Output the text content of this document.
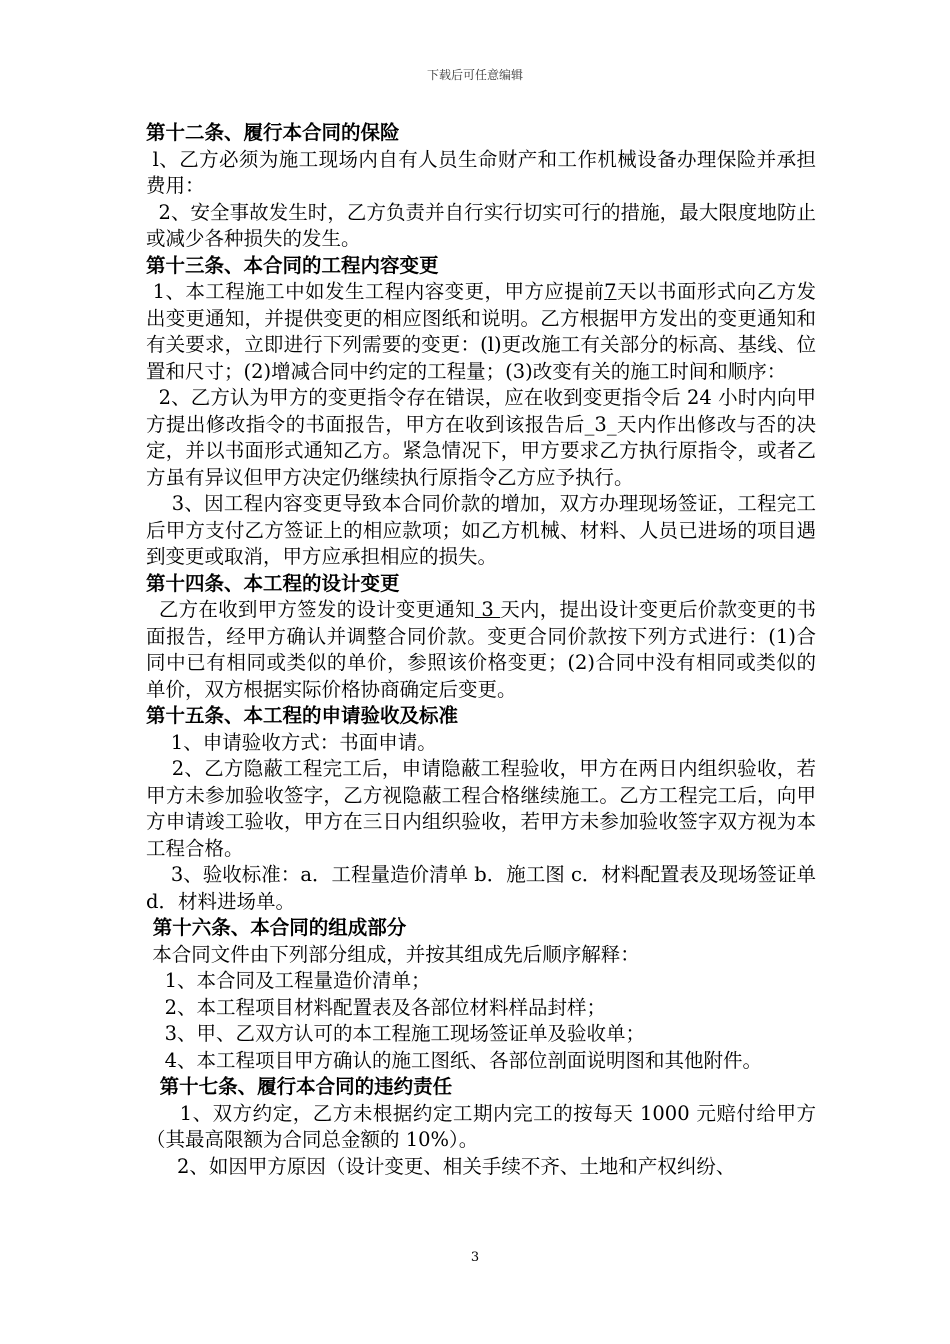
下载后可任意编辑
第十二条、履行本合同的保险

l、乙方必须为施工现场内自有人员生命财产和工作机械设备办理保险并承担费用：

2、安全事故发生时，乙方负责并自行实行切实可行的措施，最大限度地防止或减少各种损失的发生。

第十三条、本合同的工程内容变更

1、本工程施工中如发生工程内容变更，甲方应提前7天以书面形式向乙方发出变更通知，并提供变更的相应图纸和说明。乙方根据甲方发出的变更通知和有关要求，立即进行下列需要的变更：(l)更改施工有关部分的标高、基线、位置和尺寸；(2)增减合同中约定的工程量；(3)改变有关的施工时间和顺序：

2、乙方认为甲方的变更指令存在错误，应在收到变更指令后 24 小时内向甲方提出修改指令的书面报告，甲方在收到该报告后_3_天内作出修改与否的决定，并以书面形式通知乙方。紧急情况下，甲方要求乙方执行原指令，或者乙方虽有异议但甲方决定仍继续执行原指令乙方应予执行。

3、因工程内容变更导致本合同价款的增加，双方办理现场签证，工程完工后甲方支付乙方签证上的相应款项；如乙方机械、材料、人员已进场的项目遇到变更或取消，甲方应承担相应的损失。

第十四条、本工程的设计变更

乙方在收到甲方签发的设计变更通知 3 天内，提出设计变更后价款变更的书面报告，经甲方确认并调整合同价款。变更合同价款按下列方式进行：(1)合同中已有相同或类似的单价，参照该价格变更；(2)合同中没有相同或类似的单价，双方根据实际价格协商确定后变更。

第十五条、本工程的申请验收及标准

1、申请验收方式：书面申请。

2、乙方隐蔽工程完工后，申请隐蔽工程验收，甲方在两日内组织验收，若甲方未参加验收签字，乙方视隐蔽工程合格继续施工。乙方工程完工后，向甲方申请竣工验收，甲方在三日内组织验收，若甲方未参加验收签字双方视为本工程合格。

3、验收标准：a．工程量造价清单 b．施工图 c．材料配置表及现场签证单 d．材料进场单。

第十六条、本合同的组成部分

本合同文件由下列部分组成，并按其组成先后顺序解释：

1、本合同及工程量造价清单；

2、本工程项目材料配置表及各部位材料样品封样；

3、甲、乙双方认可的本工程施工现场签证单及验收单；

4、本工程项目甲方确认的施工图纸、各部位剖面说明图和其他附件。

第十七条、履行本合同的违约责任

1、双方约定，乙方未根据约定工期内完工的按每天 1000 元赔付给甲方（其最高限额为合同总金额的 10%）。

2、如因甲方原因（设计变更、相关手续不齐、土地和产权纠纷、

3
